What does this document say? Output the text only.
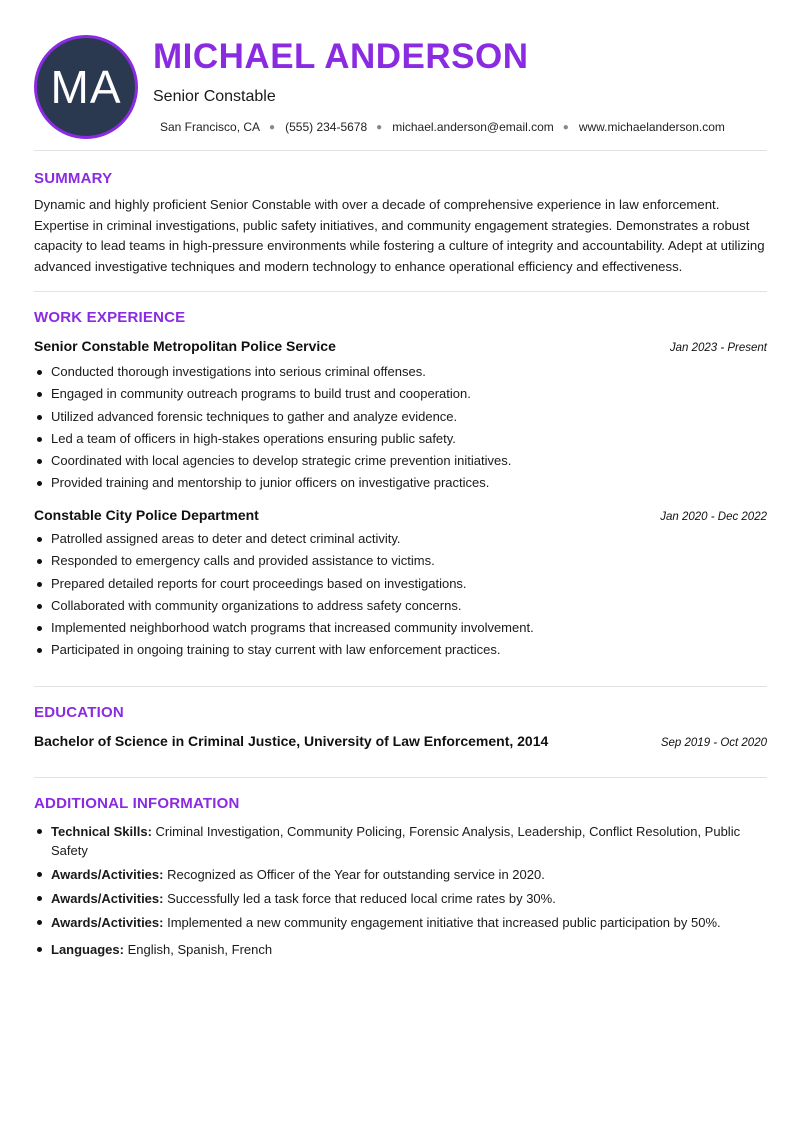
MA
MICHAEL ANDERSON
Senior Constable
San Francisco, CA ● (555) 234-5678 ● michael.anderson@email.com ● www.michaelanderson.com
SUMMARY

Dynamic and highly proficient Senior Constable with over a decade of comprehensive experience in law enforcement. Expertise in criminal investigations, public safety initiatives, and community engagement strategies. Demonstrates a robust capacity to lead teams in high-pressure environments while fostering a culture of integrity and accountability. Adept at utilizing advanced investigative techniques and modern technology to enhance operational efficiency and effectiveness.

WORK EXPERIENCE
Senior Constable Metropolitan Police Service	Jan 2023 - Present
Conducted thorough investigations into serious criminal offenses.
Engaged in community outreach programs to build trust and cooperation.
Utilized advanced forensic techniques to gather and analyze evidence.
Led a team of officers in high-stakes operations ensuring public safety.
Coordinated with local agencies to develop strategic crime prevention initiatives.
Provided training and mentorship to junior officers on investigative practices.
Constable City Police Department	Jan 2020 - Dec 2022
Patrolled assigned areas to deter and detect criminal activity.
Responded to emergency calls and provided assistance to victims.
Prepared detailed reports for court proceedings based on investigations.
Collaborated with community organizations to address safety concerns.
Implemented neighborhood watch programs that increased community involvement.
Participated in ongoing training to stay current with law enforcement practices.
EDUCATION
Bachelor of Science in Criminal Justice, University of Law Enforcement, 2014	Sep 2019 - Oct 2020
ADDITIONAL INFORMATION
Technical Skills: Criminal Investigation, Community Policing, Forensic Analysis, Leadership, Conflict Resolution, Public Safety
Awards/Activities: Recognized as Officer of the Year for outstanding service in 2020.
Awards/Activities: Successfully led a task force that reduced local crime rates by 30%.
Awards/Activities: Implemented a new community engagement initiative that increased public participation by 50%.
Languages: English, Spanish, French
